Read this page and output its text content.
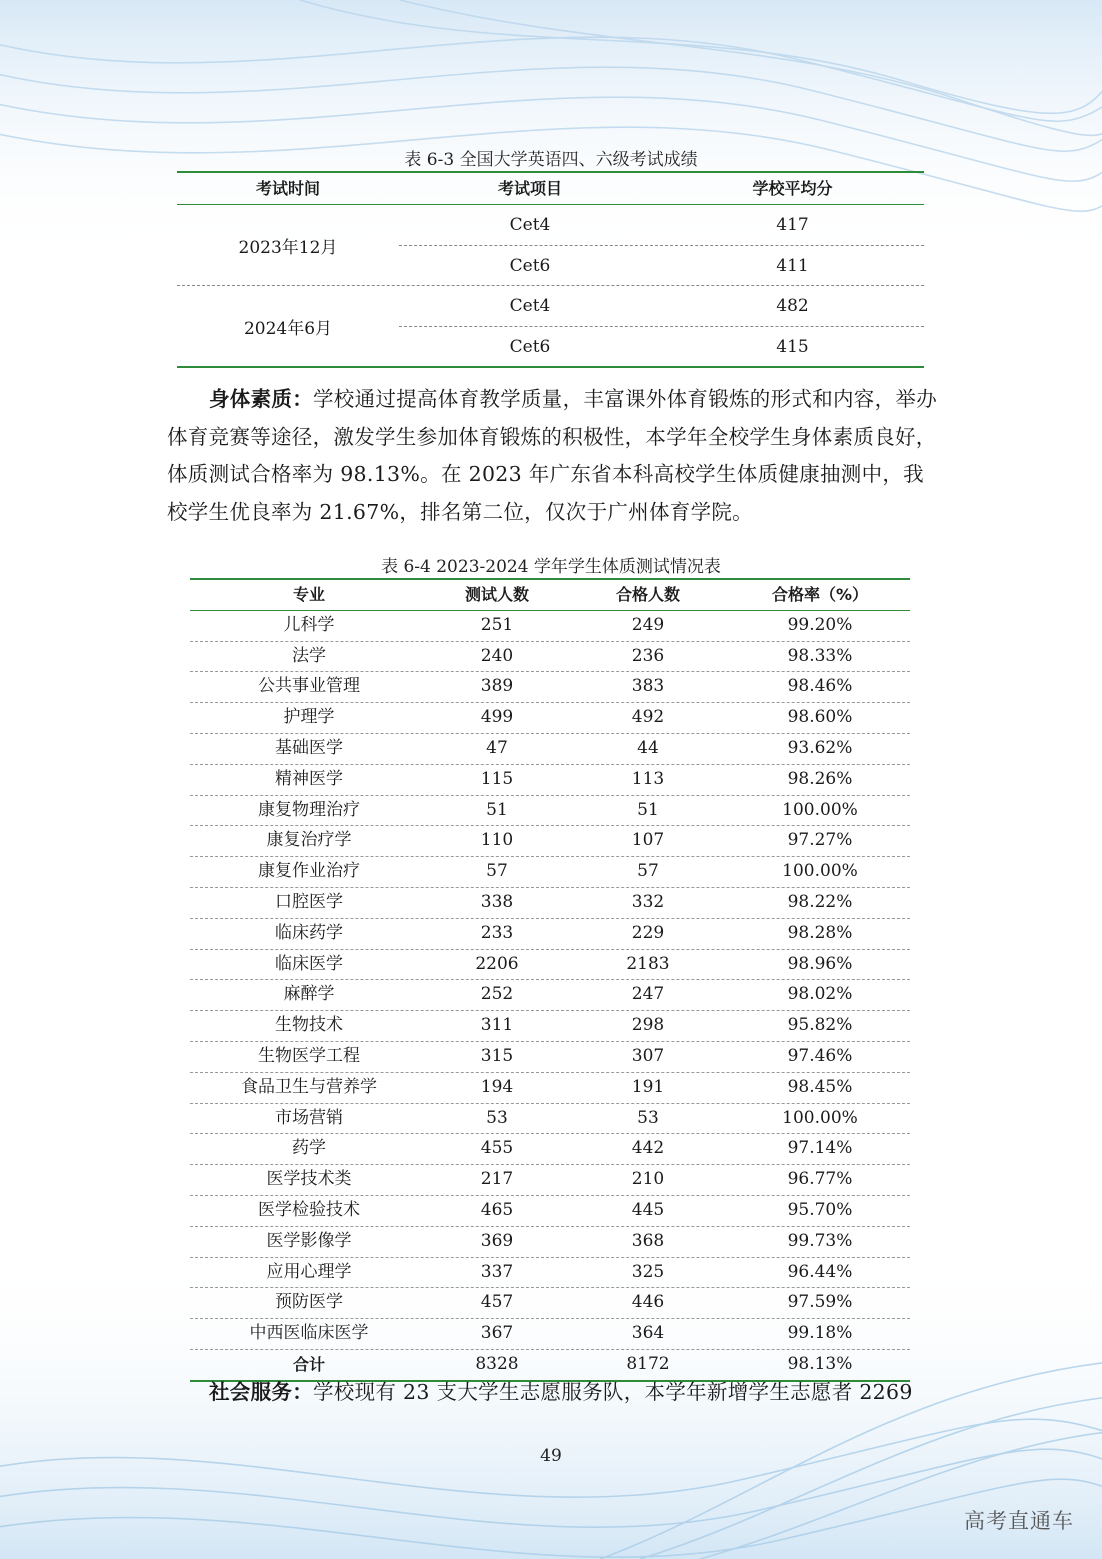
表 6-3 全国大学英语四、六级考试成绩
考试时间	考试项目	学校平均分
2023年12月
Cet4	417
Cet6	411
2024年6月
Cet4	482
Cet6	415
身体素质：学校通过提高体育教学质量，丰富课外体育锻炼的形式和内容，举办体育竞赛等途径，激发学生参加体育锻炼的积极性，本学年全校学生身体素质良好，体质测试合格率为 98.13%。在 2023 年广东省本科高校学生体质健康抽测中，我校学生优良率为 21.67%，排名第二位，仅次于广州体育学院。
表 6-4 2023-2024 学年学生体质测试情况表
专业	测试人数	合格人数	合格率（%）
儿科学	251	249	99.20%
法学	240	236	98.33%
公共事业管理	389	383	98.46%
护理学	499	492	98.60%
基础医学	47	44	93.62%
精神医学	115	113	98.26%
康复物理治疗	51	51	100.00%
康复治疗学	110	107	97.27%
康复作业治疗	57	57	100.00%
口腔医学	338	332	98.22%
临床药学	233	229	98.28%
临床医学	2206	2183	98.96%
麻醉学	252	247	98.02%
生物技术	311	298	95.82%
生物医学工程	315	307	97.46%
食品卫生与营养学	194	191	98.45%
市场营销	53	53	100.00%
药学	455	442	97.14%
医学技术类	217	210	96.77%
医学检验技术	465	445	95.70%
医学影像学	369	368	99.73%
应用心理学	337	325	96.44%
预防医学	457	446	97.59%
中西医临床医学	367	364	99.18%
合计	8328	8172	98.13%
社会服务：学校现有 23 支大学生志愿服务队，本学年新增学生志愿者 2269
49
高考直通车
